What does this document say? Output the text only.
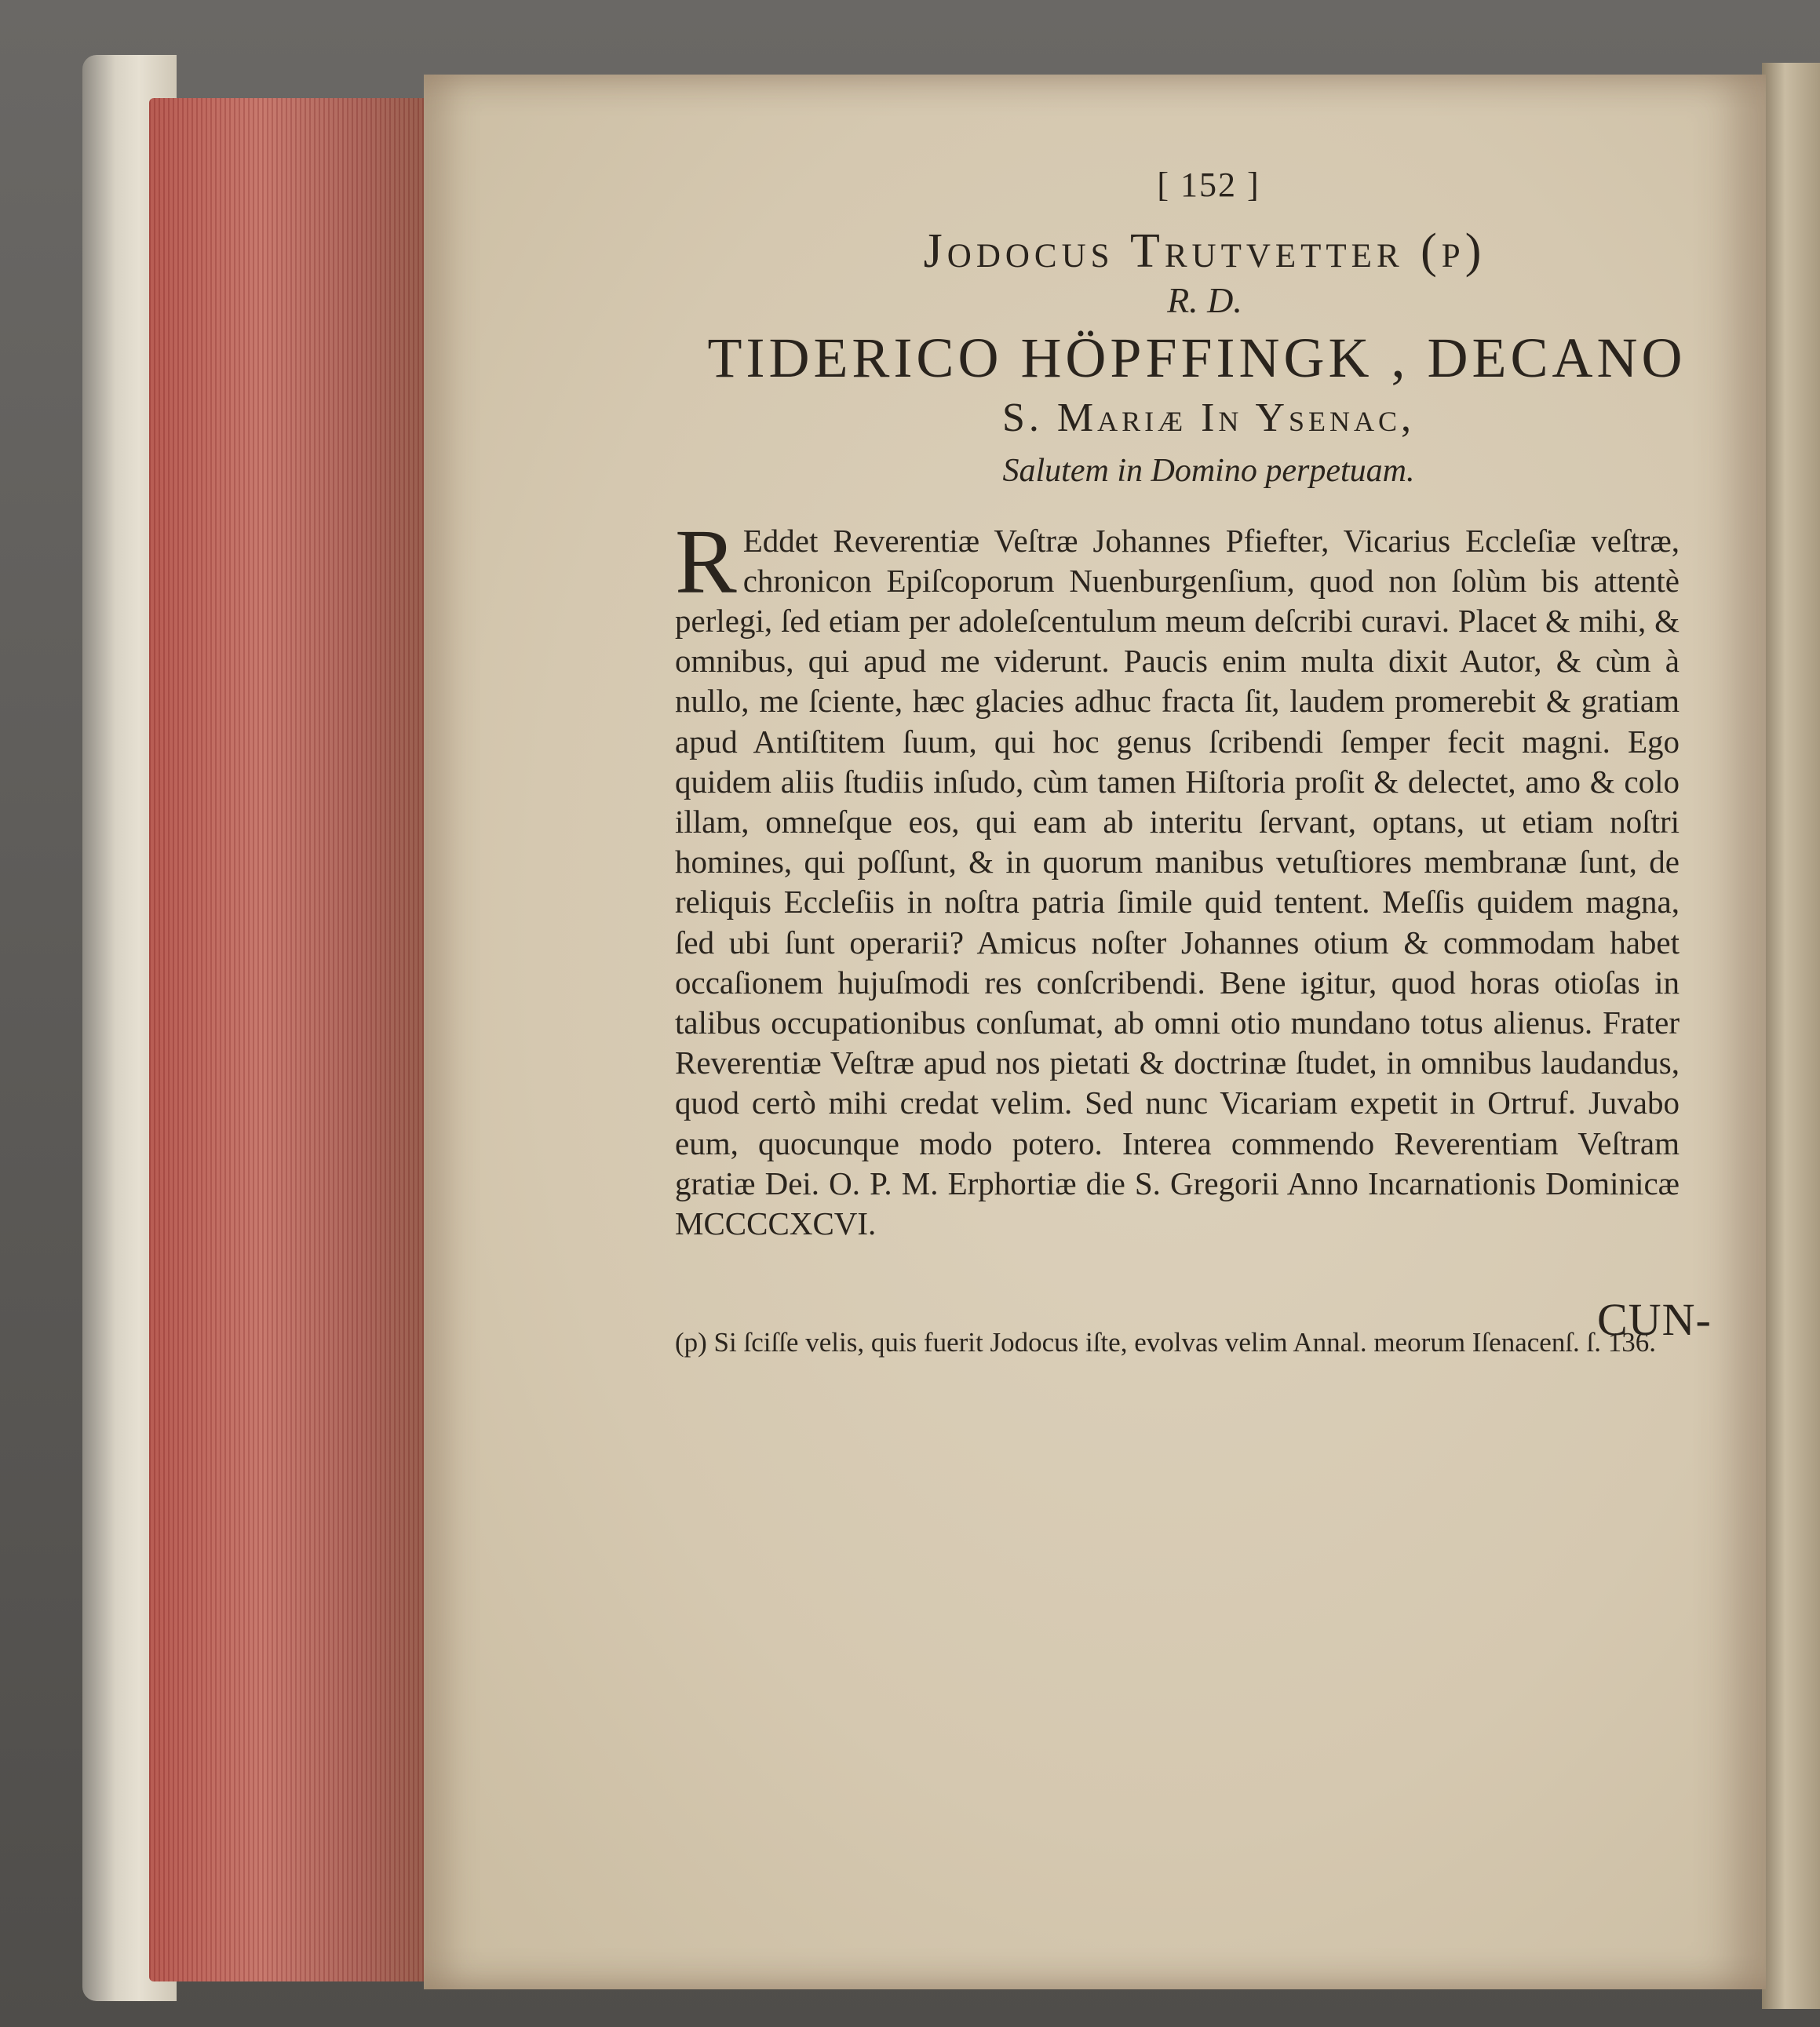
[ 152 ]
Jodocus Trutvetter (p)
R. D.
TIDERICO HÖPFFINGK , DECANO
S. Mariæ In Ysenac,
Salutem in Domino perpetuam.
R Eddet Reverentiæ Veſtræ Johannes Pfiefter, Vicarius Eccleſiæ veſtræ, chronicon Epiſcoporum Nuenburgenſium, quod non ſolùm bis attentè perlegi, ſed etiam per adoleſcentulum meum deſcribi curavi. Placet & mihi, & omnibus, qui apud me viderunt. Paucis enim multa dixit Autor, & cùm à nullo, me ſciente, hæc glacies adhuc fracta ſit, laudem promerebit & gratiam apud Antiſtitem ſuum, qui hoc genus ſcribendi ſemper fecit magni. Ego quidem aliis ſtudiis inſudo, cùm tamen Hiſtoria proſit & delectet, amo & colo illam, omneſque eos, qui eam ab interitu ſervant, optans, ut etiam noſtri homines, qui poſſunt, & in quorum manibus vetuſtiores membranæ ſunt, de reliquis Eccleſiis in noſtra patria ſimile quid tentent. Meſſis quidem magna, ſed ubi ſunt operarii? Amicus noſter Johannes otium & commodam habet occaſionem hujuſmodi res conſcribendi. Bene igitur, quod horas otioſas in talibus occupationibus conſumat, ab omni otio mundano totus alienus. Frater Reverentiæ Veſtræ apud nos pietati & doctrinæ ſtudet, in omnibus laudandus, quod certò mihi credat velim. Sed nunc Vicariam expetit in Ortruf. Juvabo eum, quocunque modo potero. Interea commendo Reverentiam Veſtram gratiæ Dei. O. P. M. Erphortiæ die S. Gregorii Anno Incarnationis Dominicæ MCCCCXCVI.
(p) Si ſciſſe velis, quis fuerit Jodocus iſte, evolvas velim Annal. meorum Iſenacenſ. ſ. 136.
CUN-
